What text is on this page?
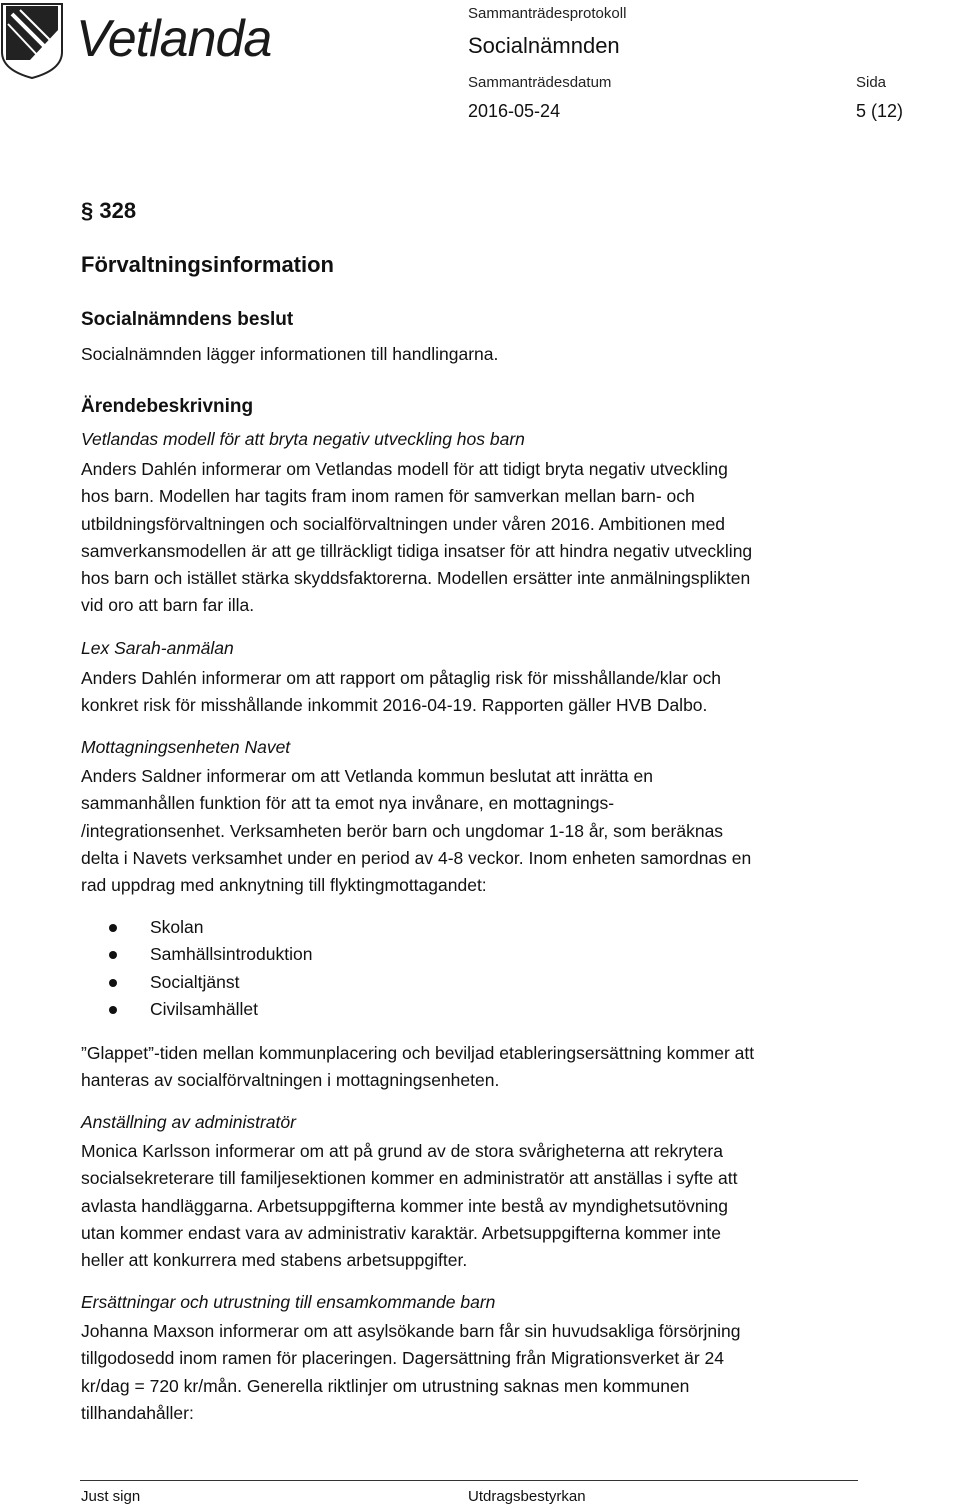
Vetlanda	Sammanträdesprotokoll
Socialnämnden
Sammanträdesdatum
2016-05-24
Sida
5 (12)
§ 328
Förvaltningsinformation
Socialnämndens beslut
Socialnämnden lägger informationen till handlingarna.
Ärendebeskrivning
Vetlandas modell för att bryta negativ utveckling hos barn
Anders Dahlén informerar om Vetlandas modell för att tidigt bryta negativ utveckling
hos barn. Modellen har tagits fram inom ramen för samverkan mellan barn- och
utbildningsförvaltningen och socialförvaltningen under våren 2016. Ambitionen med
samverkansmodellen är att ge tillräckligt tidiga insatser för att hindra negativ utveckling
hos barn och istället stärka skyddsfaktorerna. Modellen ersätter inte anmälningsplikten
vid oro att barn far illa.
Lex Sarah-anmälan
Anders Dahlén informerar om att rapport om påtaglig risk för misshållande/klar och
konkret risk för misshållande inkommit 2016-04-19. Rapporten gäller HVB Dalbo.
Mottagningsenheten Navet
Anders Saldner informerar om att Vetlanda kommun beslutat att inrätta en
sammanhållen funktion för att ta emot nya invånare, en mottagnings-
/integrationsenhet. Verksamheten berör barn och ungdomar 1-18 år, som beräknas
delta i Navets verksamhet under en period av 4-8 veckor. Inom enheten samordnas en
rad uppdrag med anknytning till flyktingmottagandet:
Skolan
Samhällsintroduktion
Socialtjänst
Civilsamhället
”Glappet”-tiden mellan kommunplacering och beviljad etableringsersättning kommer att
hanteras av socialförvaltningen i mottagningsenheten.
Anställning av administratör
Monica Karlsson informerar om att på grund av de stora svårigheterna att rekrytera
socialsekreterare till familjesektionen kommer en administratör att anställas i syfte att
avlasta handläggarna. Arbetsuppgifterna kommer inte bestå av myndighetsutövning
utan kommer endast vara av administrativ karaktär. Arbetsuppgifterna kommer inte
heller att konkurrera med stabens arbetsuppgifter.
Ersättningar och utrustning till ensamkommande barn
Johanna Maxson informerar om att asylsökande barn får sin huvudsakliga försörjning
tillgodosedd inom ramen för placeringen. Dagersättning från Migrationsverket är 24
kr/dag = 720 kr/mån. Generella riktlinjer om utrustning saknas men kommunen
tillhandahåller:
Just sign	Utdragsbestyrkan
